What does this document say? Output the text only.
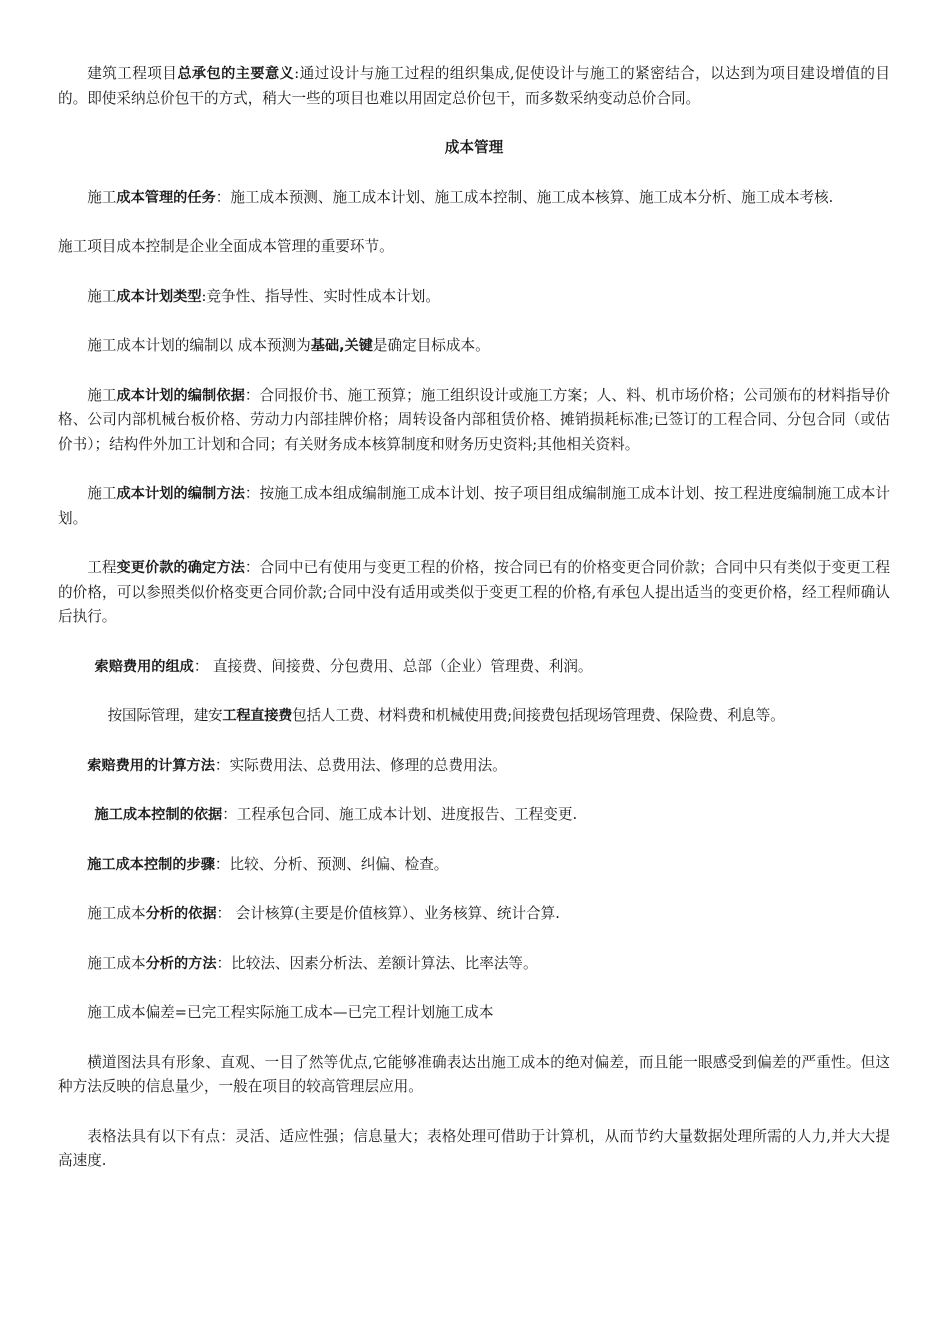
建筑工程项目总承包的主要意义:通过设计与施工过程的组织集成,促使设计与施工的紧密结合，以达到为项目建设增值的目的。即使采纳总价包干的方式，稍大一些的项目也难以用固定总价包干，而多数采纳变动总价合同。

成本管理

施工成本管理的任务：施工成本预测、施工成本计划、施工成本控制、施工成本核算、施工成本分析、施工成本考核.

施工项目成本控制是企业全面成本管理的重要环节。

施工成本计划类型:竞争性、指导性、实时性成本计划。

施工成本计划的编制以 成本预测为基础,关键是确定目标成本。

施工成本计划的编制依据：合同报价书、施工预算；施工组织设计或施工方案；人、料、机市场价格；公司颁布的材料指导价格、公司内部机械台板价格、劳动力内部挂牌价格；周转设备内部租赁价格、摊销损耗标准;已签订的工程合同、分包合同（或估价书）；结构件外加工计划和合同；有关财务成本核算制度和财务历史资料;其他相关资料。

施工成本计划的编制方法：按施工成本组成编制施工成本计划、按子项目组成编制施工成本计划、按工程进度编制施工成本计划。

工程变更价款的确定方法：合同中已有使用与变更工程的价格，按合同已有的价格变更合同价款；合同中只有类似于变更工程的价格，可以参照类似价格变更合同价款;合同中没有适用或类似于变更工程的价格,有承包人提出适当的变更价格，经工程师确认后执行。

索赔费用的组成： 直接费、间接费、分包费用、总部（企业）管理费、利润。

按国际管理，建安工程直接费包括人工费、材料费和机械使用费;间接费包括现场管理费、保险费、利息等。

索赔费用的计算方法：实际费用法、总费用法、修理的总费用法。

施工成本控制的依据：工程承包合同、施工成本计划、进度报告、工程变更.

施工成本控制的步骤：比较、分析、预测、纠偏、检查。

施工成本分析的依据： 会计核算(主要是价值核算）、业务核算、统计合算.

施工成本分析的方法：比较法、因素分析法、差额计算法、比率法等。

施工成本偏差=已完工程实际施工成本—已完工程计划施工成本

横道图法具有形象、直观、一目了然等优点,它能够准确表达出施工成本的绝对偏差，而且能一眼感受到偏差的严重性。但这种方法反映的信息量少，一般在项目的较高管理层应用。

表格法具有以下有点：灵活、适应性强；信息量大；表格处理可借助于计算机，从而节约大量数据处理所需的人力,并大大提高速度.
